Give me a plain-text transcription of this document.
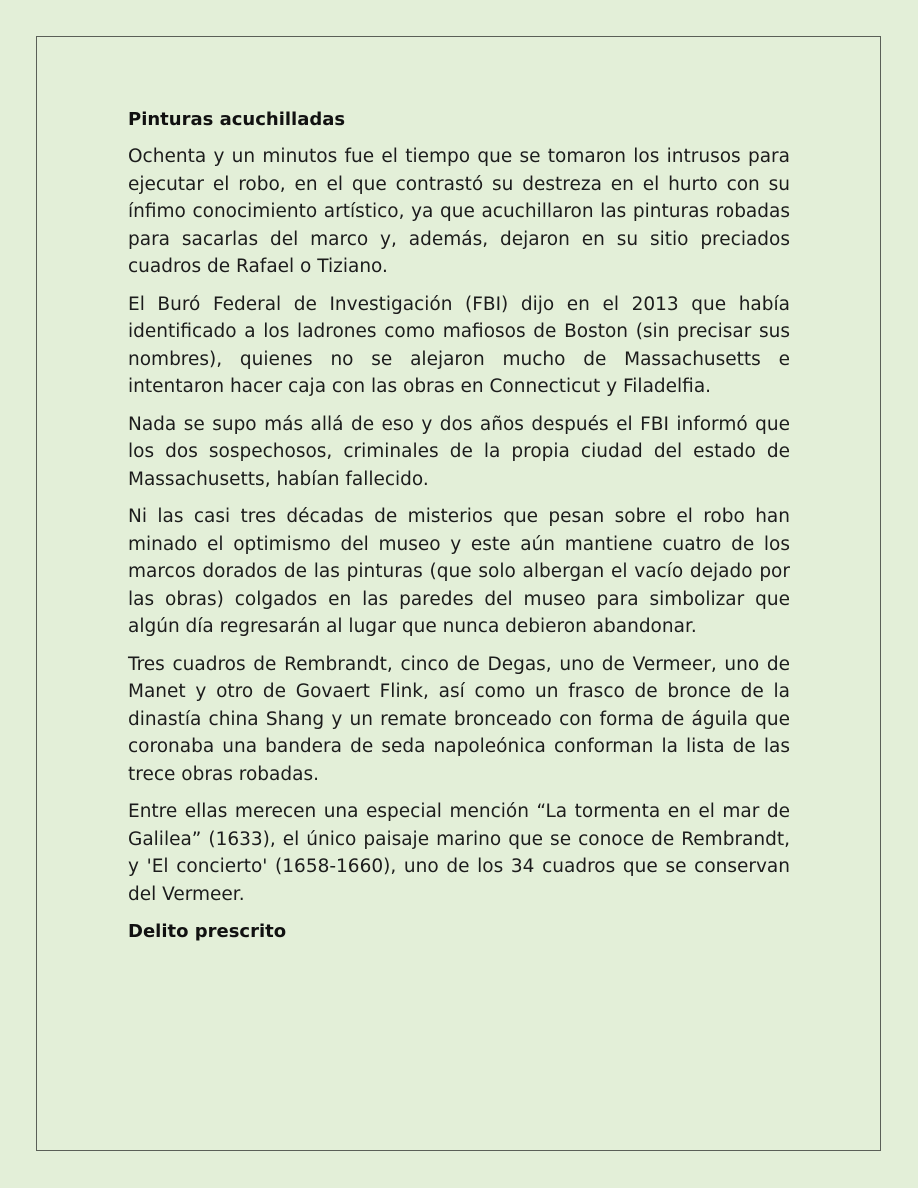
Pinturas acuchilladas

Ochenta y un minutos fue el tiempo que se tomaron los intrusos para ejecutar el robo, en el que contrastó su destreza en el hurto con su ínfimo conocimiento artístico, ya que acuchillaron las pinturas robadas para sacarlas del marco y, además, dejaron en su sitio preciados cuadros de Rafael o Tiziano.

El Buró Federal de Investigación (FBI) dijo en el 2013 que había identificado a los ladrones como mafiosos de Boston (sin precisar sus nombres), quienes no se alejaron mucho de Massachusetts e intentaron hacer caja con las obras en Connecticut y Filadelfia.

Nada se supo más allá de eso y dos años después el FBI informó que los dos sospechosos, criminales de la propia ciudad del estado de Massachusetts, habían fallecido.

Ni las casi tres décadas de misterios que pesan sobre el robo han minado el optimismo del museo y este aún mantiene cuatro de los marcos dorados de las pinturas (que solo albergan el vacío dejado por las obras) colgados en las paredes del museo para simbolizar que algún día regresarán al lugar que nunca debieron abandonar.

Tres cuadros de Rembrandt, cinco de Degas, uno de Vermeer, uno de Manet y otro de Govaert Flink, así como un frasco de bronce de la dinastía china Shang y un remate bronceado con forma de águila que coronaba una bandera de seda napoleónica conforman la lista de las trece obras robadas.

Entre ellas merecen una especial mención “La tormenta en el mar de Galilea” (1633), el único paisaje marino que se conoce de Rembrandt, y 'El concierto' (1658-1660), uno de los 34 cuadros que se conservan del Vermeer.

Delito prescrito
